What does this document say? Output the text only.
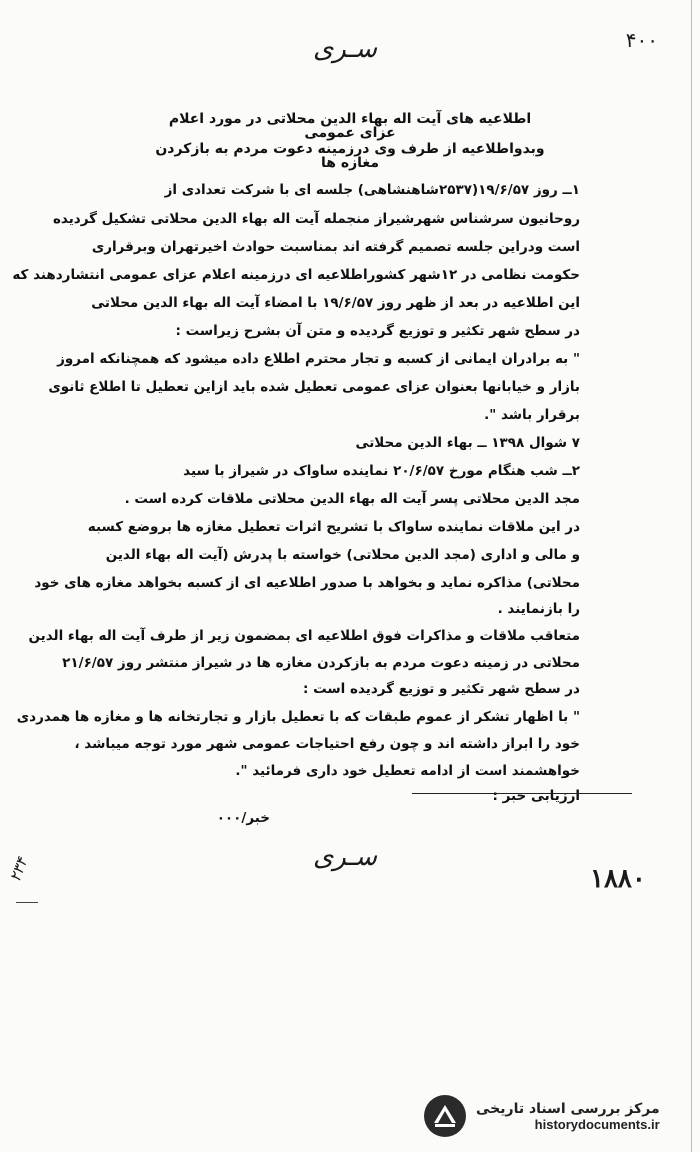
سـری	۴۰۰
اطلاعیه های آیت اله بهاء الدین محلاتی در مورد اعلام عزای عمومی
وبدواطلاعیه از طرف وی درزمینه دعوت مردم به بازکردن مغازه ها
۱ــ روز ۱۹/۶/۵۷(۲۵۳۷شاهنشاهی) جلسه ای با شرکت تعدادی از
روحانیون سرشناس شهرشیراز منجمله آیت اله بهاء الدین محلاتی تشکیل گردیده
است ودراین جلسه تصمیم گرفته اند بمناسبت حوادث اخیرتهران وبرقراری
حکومت نظامی در ۱۲شهر کشوراطلاعیه ای درزمینه اعلام عزای عمومی انتشاردهند که
این اطلاعیه در بعد از ظهر روز ۱۹/۶/۵۷ با امضاء آیت اله بهاء الدین محلاتی
در سطح شهر تکثیر و توزیع گردیده و متن آن بشرح زیراست :
" به برادران ایمانی از کسبه و تجار محترم اطلاع داده میشود که همچنانکه امروز
بازار و خیابانها بعنوان عزای عمومی تعطیل شده باید ازاین تعطیل تا اطلاع ثانوی
برقرار باشد ".
۷ شوال ۱۳۹۸ ــ بهاء الدین محلاتی
۲ــ شب هنگام مورخ ۲۰/۶/۵۷ نماینده ساواک در شیراز با سید
مجد الدین محلاتی پسر آیت اله بهاء الدین محلاتی ملاقات کرده است .
در این ملاقات نماینده ساواک با تشریح اثرات تعطیل مغازه ها بروضع کسبه
و مالی و اداری (مجد الدین محلاتی) خواسته با پدرش (آیت اله بهاء الدین
محلاتی) مذاکره نماید و بخواهد با صدور اطلاعیه ای از کسبه بخواهد مغازه های خود
را بازنمایند .
متعاقب ملاقات و مذاکرات فوق اطلاعیه ای بمضمون زیر از طرف آیت اله بهاء الدین
محلاتی در زمینه دعوت مردم به بازکردن مغازه ها در شیراز منتشر روز ۲۱/۶/۵۷
در سطح شهر تکثیر و توزیع گردیده است :
" با اظهار تشکر از عموم طبقات که با تعطیل بازار و تجارتخانه ها و مغازه ها همدردی
خود را ابراز داشته اند و چون رفع احتیاجات عمومی شهر مورد توجه میباشد ،
خواهشمند است از ادامه تعطیل خود داری فرمائید ".
ارزیابی خبر :
خبر/۰۰۰
سـری
۱۸۸۰
۲۳۴
مرکز بررسی اسناد تاریخی
historydocuments.ir
